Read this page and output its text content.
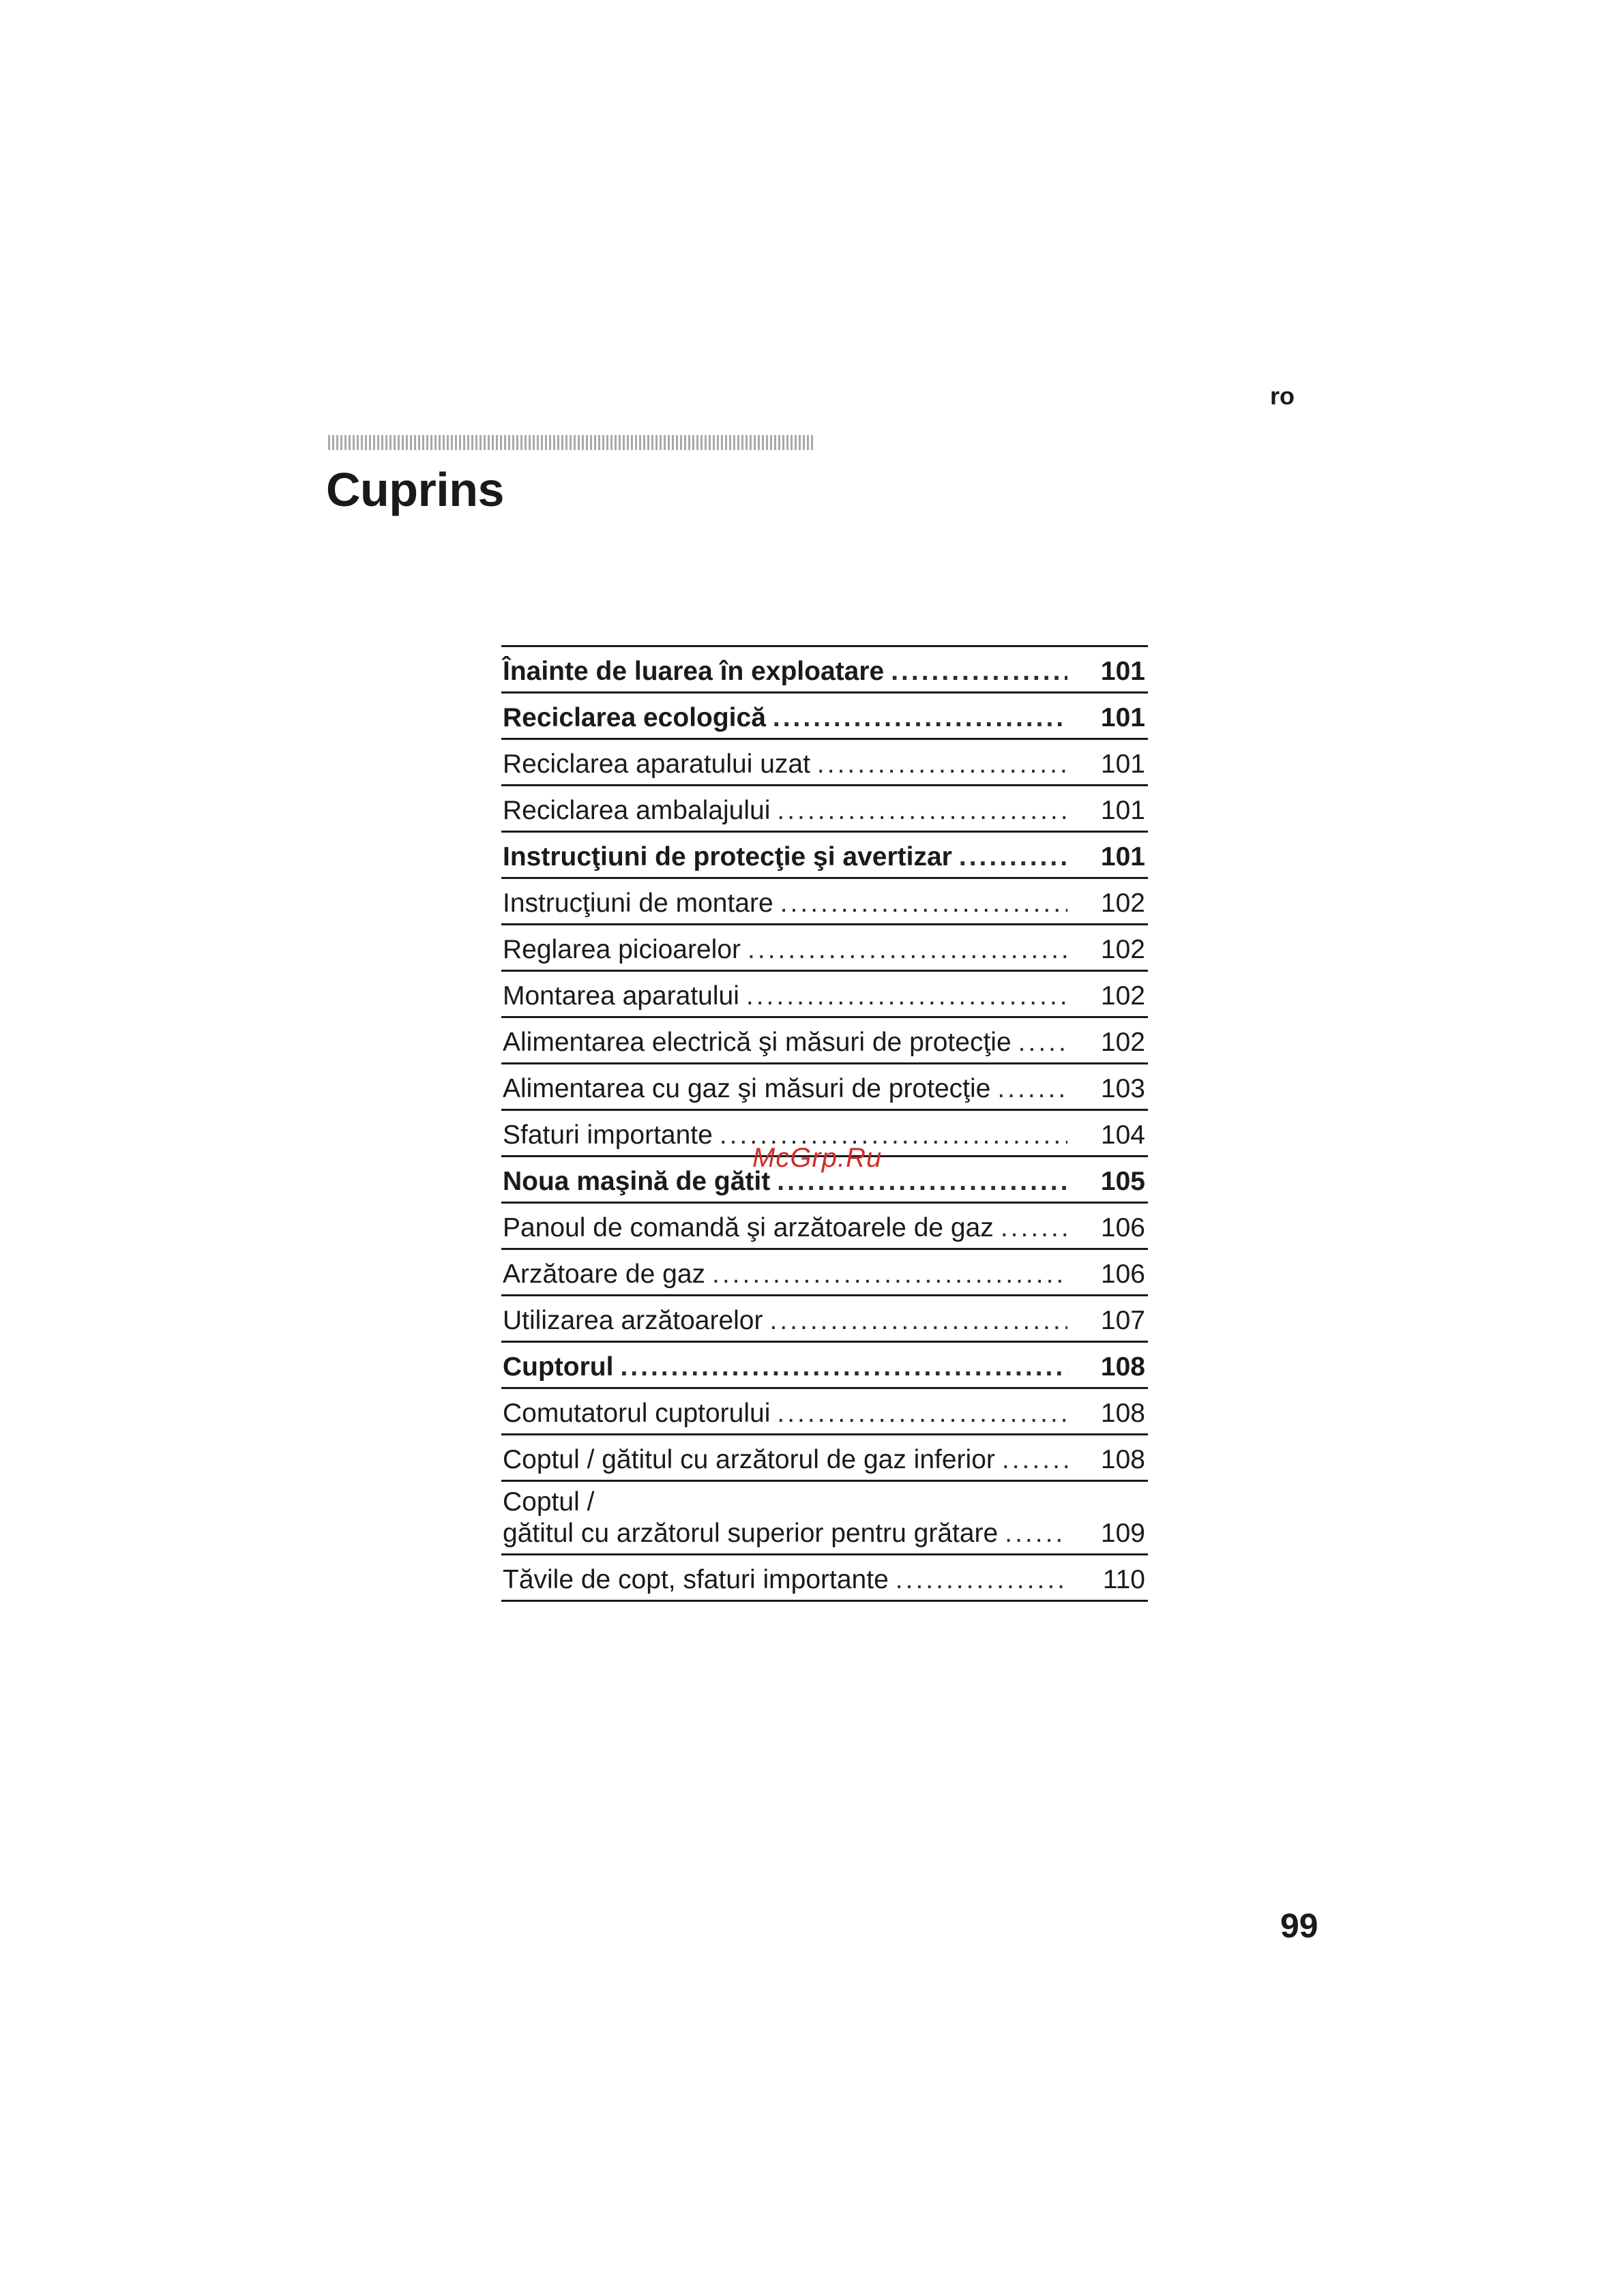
ro
Cuprins
Înainte de luarea în exploatare .....	101
Reciclarea ecologică .....	101
Reciclarea aparatului uzat .....	101
Reciclarea ambalajului .....	101
Instrucţiuni de protecţie şi avertizar .....	101
Instrucţiuni de montare .....	102
Reglarea picioarelor .....	102
Montarea aparatului .....	102
Alimentarea electrică şi măsuri de protecţie .....	102
Alimentarea cu gaz şi măsuri de protecţie .....	103
Sfaturi importante .....	104
Noua maşină de gătit .....	105
Panoul de comandă şi arzătoarele de gaz .....	106
Arzătoare de gaz .....	106
Utilizarea arzătoarelor .....	107
Cuptorul .....	108
Comutatorul cuptorului .....	108
Coptul / gătitul cu arzătorul de gaz inferior .....	108
Coptul /
gătitul cu arzătorul superior pentru grătare .....	109
Tăvile de copt, sfaturi importante .....	110
McGrp.Ru
99
